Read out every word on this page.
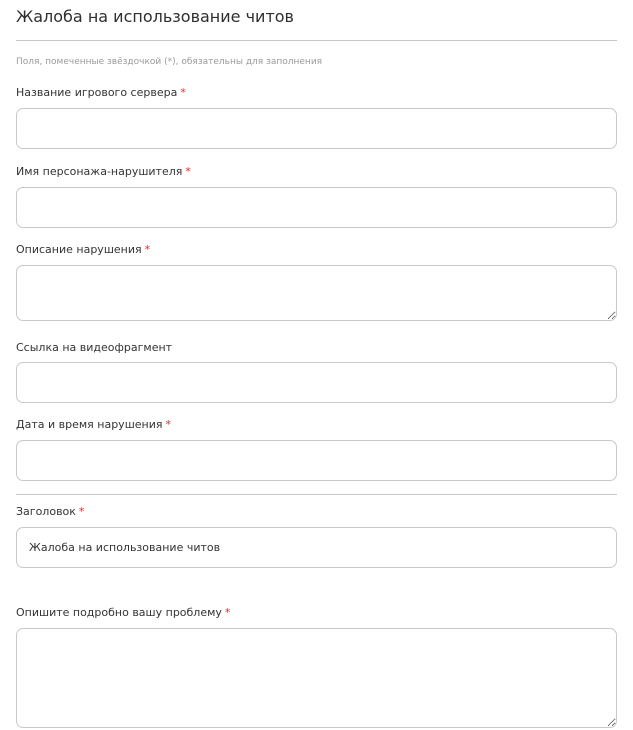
Жалоба на использование читов
Поля, помеченные звёздочкой (*), обязательны для заполнения
Название игрового сервера *
Имя персонажа-нарушителя *
Описание нарушения *
Ссылка на видеофрагмент
Дата и время нарушения *
Заголовок *
Жалоба на использование читов
Опишите подробно вашу проблему *
